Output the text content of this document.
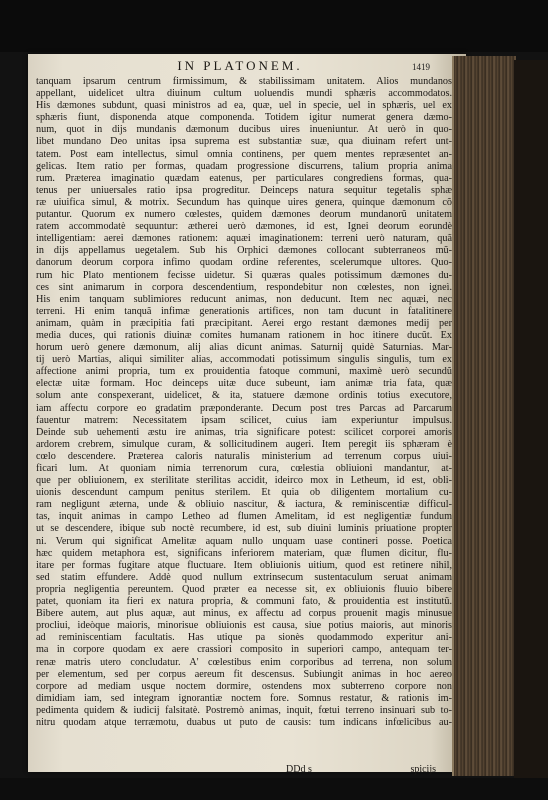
IN PLATONEM.	1419
tanquam ipsarum centrum firmissimum, & stabilissimam unitatem. Alios mundanos
appellant, uidelicet ultra diuinum cultum uoluendis mundi sphæris accommodatos.
His dæmones subdunt, quasi ministros ad ea, quæ, uel in specie, uel in sphæris, uel ex
sphæris fiunt, disponenda atque componenda. Totidem igitur numerat genera dæmo-
num, quot in dijs mundanis dæmonum ducibus uires inueniuntur. At uerò in quo-
libet mundano Deo unitas ipsa suprema est substantiæ suæ, qua diuinam refert unt-
tatem. Post eam intellectus, simul omnia continens, per quem mentes repræsentet an-
gelicas. Item ratio per formas, quadam progressione discurrens, talium propria anima
rum. Præterea imaginatio quædam eatenus, per particulares congrediens formas, qua-
tenus per uniuersales ratio ipsa progreditur. Deinceps natura sequitur tegetalis sphæ
ræ uiuifica simul, & motrix. Secundum has quinque uires genera, quinque dæmonum cõ
putantur. Quorum ex numero cœlestes, quidem dæmones deorum mundanorũ unitatem
ratem accommodatè sequuntur: ætherei uerò dæmones, id est, Ignei deorum eorundè
intelligentiam: aerei dæmones rationem: aquæi imaginationem: terreni uerò naturam, quã
in dijs appellamus uegetalem. Sub his Orphici dæmones collocant subterraneos mũ-
danorum deorum corpora infimo quodam ordine referentes, scelerumque ultores. Quo-
rum hic Plato mentionem fecisse uidetur. Si quæras quales potissimum dæmones du-
ces sint animarum in corpora descendentium, respondebitur non cœlestes, non igneì.
His enim tanquam sublimiores reducunt animas, non deducunt. Item nec aquæi, nec
terreni. Hi enim tanquã infimæ generationis artifices, non tam ducunt in fatalitinere
animam, quàm in præcipitia fati præcipitant. Aerei ergo restant dæmones medij per
media duces, qui rationis diuinæ comites humanam rationem in hoc itinere ducũt. Ex
horum uerò genere dæmonum, alij alias dicunt animas. Saturnij quidè Saturnias. Mar-
tij uerò Martias, aliqui similiter alias, accommodati potissimum singulis singulis, tum ex
affectione animi propria, tum ex prouidentia fatoque communi, maximè uerò secundũ
electæ uitæ formam. Hoc deinceps uitæ duce subeunt, iam animæ tria fata, quæ
solum ante conspexerant, uidelicet, & ita, statuere dæmone ordinis totius executore,
iam affectu corpore eo gradatim præponderante. Decum post tres Parcas ad Parcarum
fauentur matrem: Necessitatem ipsam scilicet, cuius iam experiuntur impulsus.
Deinde sub uehementi æstu ire animas, tria significare potest: scilicet corporei amoris
ardorem crebrem, simulque curam, & sollicitudinem augeri. Item peregit iis sphæram è
cœlo descendere. Præterea caloris naturalis ministerium ad terrenum corpus uiui-
ficari lum. At quoniam nimia terrenorum cura, cœlestia obliuioni mandantur, at-
que per obliuionem, ex sterilitate sterilitas accidit, ideirco mox in Letheum, id est, obli-
uionis descendunt campum penitus sterilem. Et quia ob diligentem mortalium cu-
ram negligunt æterna, unde & obliuio nascitur, & iactura, & reminiscentiæ difficul-
tas, inquit animas in campo Letheo ad flumen Amelitam, id est negligentiæ fundum
ut se descendere, ibique sub noctè recumbere, id est, sub diuini luminis priuatione propter
ni. Verum qui significat Amelitæ aquam nullo unquam uase contineri posse. Poetica
hæc quidem metaphora est, significans inferiorem materiam, quæ flumen dicitur, flu-
itare per formas fugitare atque fluctuare. Item obliuionis uitium, quod est retinere nihil,
sed statim effundere. Addè quod nullum extrinsecum sustentaculum seruat animam
propria negligentia pereuntem. Quod præter ea necesse sit, ex obliuionis fluuio bibere
patet, quoniam ita fieri ex natura propria, & communi fato, & prouidentia est institutũ.
Bibere autem, aut plus aquæ, aut minus, ex affectu ad corpus prouenit magis minusue
procliui, ideòque maioris, minorisue obliuionis est causa, siue potius maioris, aut minoris
ad reminiscentiam facultatis. Has utique pa sionès quodammodo experitur ani-
ma in corpore quodam ex aere crassiori composito in superiori campo, antequam ter-
renæ matris utero concludatur. A' cœlestibus enim corporibus ad terrena, non solum
per elementum, sed per corpus aereum fit descensus. Subiungit animas in hoc aereo
corpore ad mediam usque noctem dormire, ostendens mox subterreno corpore non
dimidiam iam, sed integram ignorantiæ noctem fore. Somnus restatur, & rationis im-
pedimenta quidem & iudicij falsitatè. Postremò animas, inquit, fœtui terreno insinuari sub to-
nitru quodam atque terræmotu, duabus ut puto de causis: tum indicans infœlicibus au-
DDd s	spicijs
